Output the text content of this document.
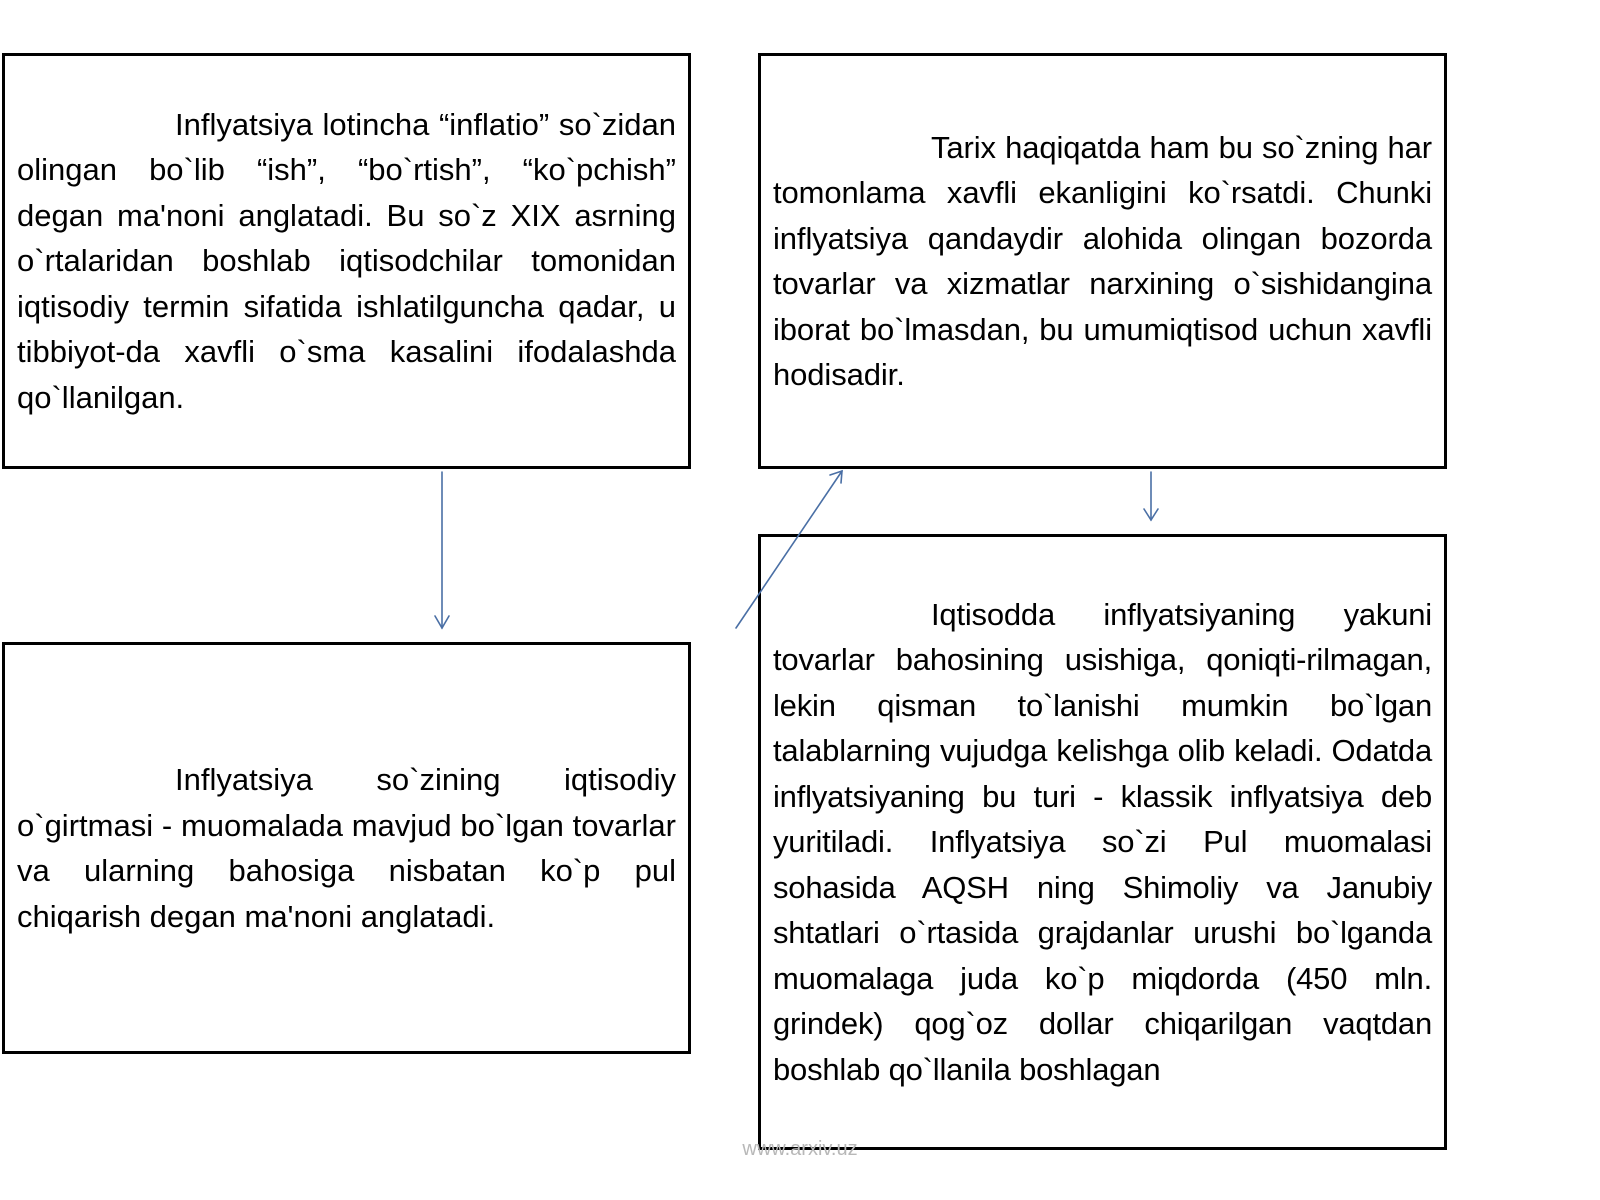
Inflyatsiya lotincha “inflatio” so`zidan olingan bo`lib “ish”, “bo`rtish”, “ko`pchish” degan ma'noni anglatadi. Bu so`z XIX asrning o`rtalaridan boshlab iqtisodchilar tomonidan iqtisodiy termin sifatida ishlatilguncha qadar, u tibbiyot-da xavfli o`sma kasalini ifodalashda qo`llanilgan.

Tarix haqiqatda ham bu so`zning har tomonlama xavfli ekanligini ko`rsatdi. Chunki inflyatsiya qandaydir alohida olingan bozorda tovarlar va xizmatlar narxining o`sishidangina iborat bo`lmasdan, bu umumiqtisod uchun xavfli hodisadir.

Inflyatsiya so`zining iqtisodiy o`girtmasi - muomalada mavjud bo`lgan tovarlar va ularning bahosiga nisbatan ko`p pul chiqarish degan ma'noni anglatadi.

Iqtisodda inflyatsiyaning yakuni tovarlar bahosining usishiga, qoniqti-rilmagan, lekin qisman to`lanishi mumkin bo`lgan talablarning vujudga kelishga olib keladi. Odatda inflyatsiyaning bu turi - klassik inflyatsiya deb yuritiladi. Inflyatsiya so`zi Pul muomalasi sohasida AQSH ning Shimoliy va Janubiy shtatlari o`rtasida grajdanlar urushi bo`lganda muomalaga juda ko`p miqdorda (450 mln. grindek) qog`oz dollar chiqarilgan vaqtdan boshlab qo`llanila boshlagan

www.arxiv.uz
